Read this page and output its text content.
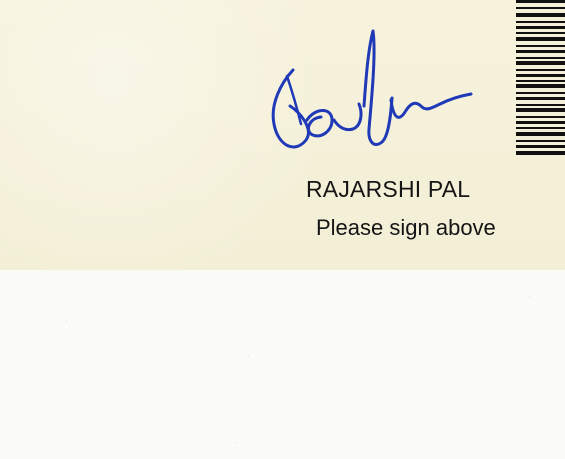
RAJARSHI PAL
Please sign above
